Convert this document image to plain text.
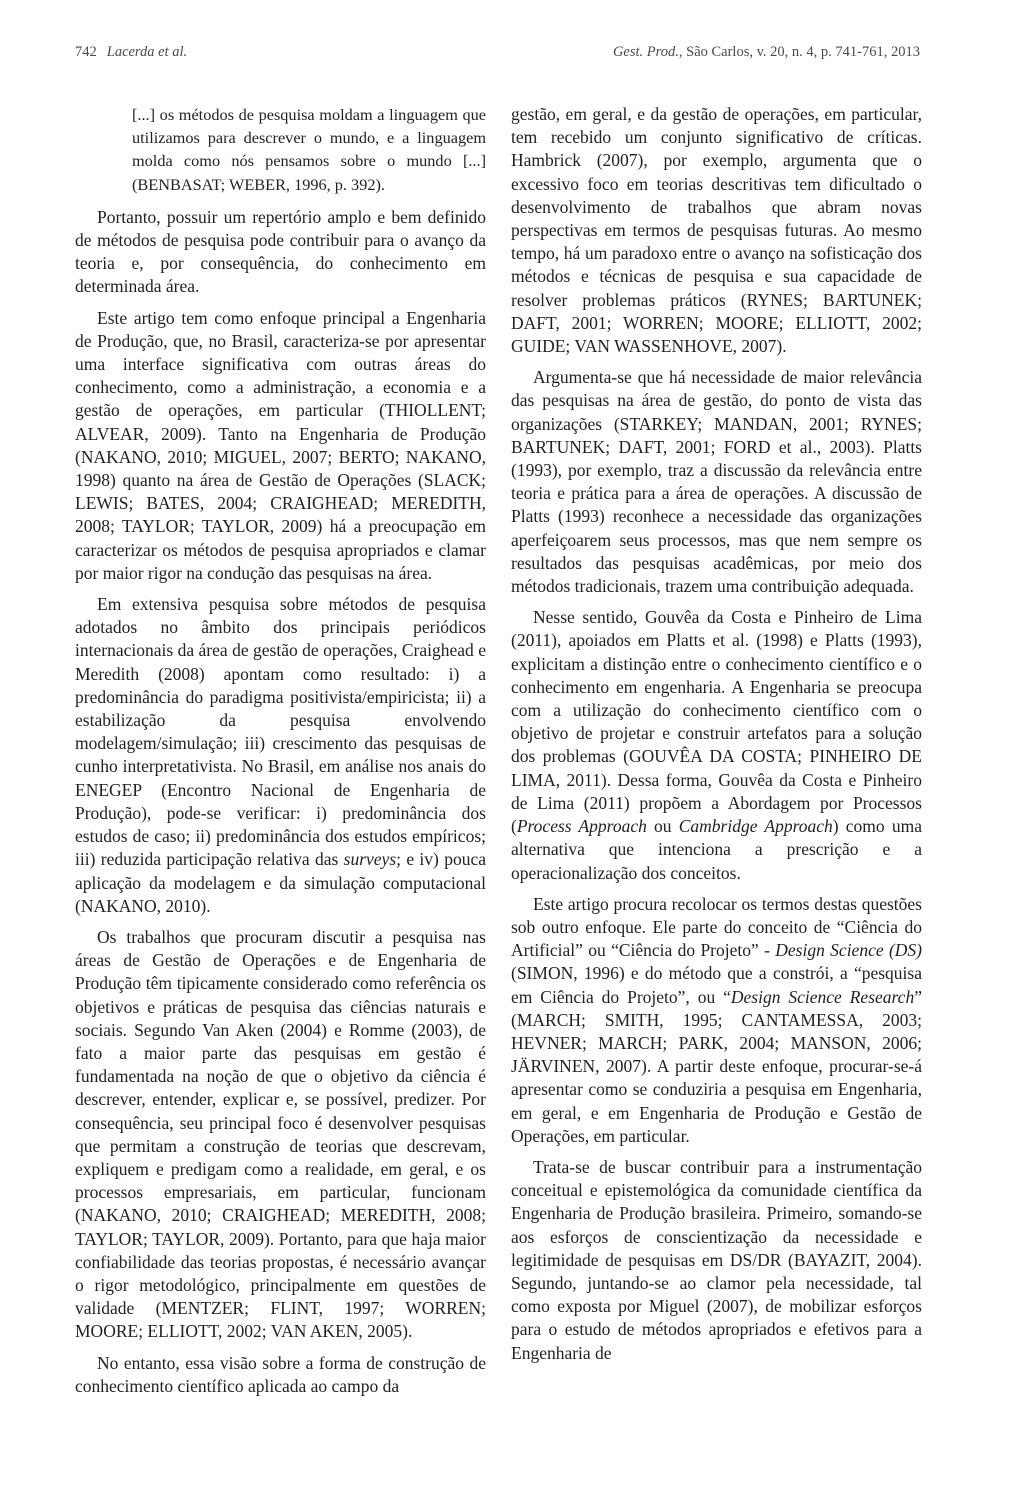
742 Lacerda et al.	Gest. Prod., São Carlos, v. 20, n. 4, p. 741-761, 2013

[...] os métodos de pesquisa moldam a linguagem que utilizamos para descrever o mundo, e a linguagem molda como nós pensamos sobre o mundo [...] (BENBASAT; WEBER, 1996, p. 392).

Portanto, possuir um repertório amplo e bem definido de métodos de pesquisa pode contribuir para o avanço da teoria e, por consequência, do conhecimento em determinada área.

Este artigo tem como enfoque principal a Engenharia de Produção, que, no Brasil, caracteriza-se por apresentar uma interface significativa com outras áreas do conhecimento, como a administração, a economia e a gestão de operações, em particular (THIOLLENT; ALVEAR, 2009). Tanto na Engenharia de Produção (NAKANO, 2010; MIGUEL, 2007; BERTO; NAKANO, 1998) quanto na área de Gestão de Operações (SLACK; LEWIS; BATES, 2004; CRAIGHEAD; MEREDITH, 2008; TAYLOR; TAYLOR, 2009) há a preocupação em caracterizar os métodos de pesquisa apropriados e clamar por maior rigor na condução das pesquisas na área.

Em extensiva pesquisa sobre métodos de pesquisa adotados no âmbito dos principais periódicos internacionais da área de gestão de operações, Craighead e Meredith (2008) apontam como resultado: i) a predominância do paradigma positivista/empiricista; ii) a estabilização da pesquisa envolvendo modelagem/simulação; iii) crescimento das pesquisas de cunho interpretativista. No Brasil, em análise nos anais do ENEGEP (Encontro Nacional de Engenharia de Produção), pode-se verificar: i) predominância dos estudos de caso; ii) predominância dos estudos empíricos; iii) reduzida participação relativa das surveys; e iv) pouca aplicação da modelagem e da simulação computacional (NAKANO, 2010).

Os trabalhos que procuram discutir a pesquisa nas áreas de Gestão de Operações e de Engenharia de Produção têm tipicamente considerado como referência os objetivos e práticas de pesquisa das ciências naturais e sociais. Segundo Van Aken (2004) e Romme (2003), de fato a maior parte das pesquisas em gestão é fundamentada na noção de que o objetivo da ciência é descrever, entender, explicar e, se possível, predizer. Por consequência, seu principal foco é desenvolver pesquisas que permitam a construção de teorias que descrevam, expliquem e predigam como a realidade, em geral, e os processos empresariais, em particular, funcionam (NAKANO, 2010; CRAIGHEAD; MEREDITH, 2008; TAYLOR; TAYLOR, 2009). Portanto, para que haja maior confiabilidade das teorias propostas, é necessário avançar o rigor metodológico, principalmente em questões de validade (MENTZER; FLINT, 1997; WORREN; MOORE; ELLIOTT, 2002; VAN AKEN, 2005).

No entanto, essa visão sobre a forma de construção de conhecimento científico aplicada ao campo da

gestão, em geral, e da gestão de operações, em particular, tem recebido um conjunto significativo de críticas. Hambrick (2007), por exemplo, argumenta que o excessivo foco em teorias descritivas tem dificultado o desenvolvimento de trabalhos que abram novas perspectivas em termos de pesquisas futuras. Ao mesmo tempo, há um paradoxo entre o avanço na sofisticação dos métodos e técnicas de pesquisa e sua capacidade de resolver problemas práticos (RYNES; BARTUNEK; DAFT, 2001; WORREN; MOORE; ELLIOTT, 2002; GUIDE; VAN WASSENHOVE, 2007).

Argumenta-se que há necessidade de maior relevância das pesquisas na área de gestão, do ponto de vista das organizações (STARKEY; MANDAN, 2001; RYNES; BARTUNEK; DAFT, 2001; FORD et al., 2003). Platts (1993), por exemplo, traz a discussão da relevância entre teoria e prática para a área de operações. A discussão de Platts (1993) reconhece a necessidade das organizações aperfeiçoarem seus processos, mas que nem sempre os resultados das pesquisas acadêmicas, por meio dos métodos tradicionais, trazem uma contribuição adequada.

Nesse sentido, Gouvêa da Costa e Pinheiro de Lima (2011), apoiados em Platts et al. (1998) e Platts (1993), explicitam a distinção entre o conhecimento científico e o conhecimento em engenharia. A Engenharia se preocupa com a utilização do conhecimento científico com o objetivo de projetar e construir artefatos para a solução dos problemas (GOUVÊA DA COSTA; PINHEIRO DE LIMA, 2011). Dessa forma, Gouvêa da Costa e Pinheiro de Lima (2011) propõem a Abordagem por Processos (Process Approach ou Cambridge Approach) como uma alternativa que intenciona a prescrição e a operacionalização dos conceitos.

Este artigo procura recolocar os termos destas questões sob outro enfoque. Ele parte do conceito de “Ciência do Artificial” ou “Ciência do Projeto” - Design Science (DS) (SIMON, 1996) e do método que a constrói, a “pesquisa em Ciência do Projeto”, ou “Design Science Research” (MARCH; SMITH, 1995; CANTAMESSA, 2003; HEVNER; MARCH; PARK, 2004; MANSON, 2006; JÄRVINEN, 2007). A partir deste enfoque, procurar-se-á apresentar como se conduziria a pesquisa em Engenharia, em geral, e em Engenharia de Produção e Gestão de Operações, em particular.

Trata-se de buscar contribuir para a instrumentação conceitual e epistemológica da comunidade científica da Engenharia de Produção brasileira. Primeiro, somando-se aos esforços de conscientização da necessidade e legitimidade de pesquisas em DS/DR (BAYAZIT, 2004). Segundo, juntando-se ao clamor pela necessidade, tal como exposta por Miguel (2007), de mobilizar esforços para o estudo de métodos apropriados e efetivos para a Engenharia de
